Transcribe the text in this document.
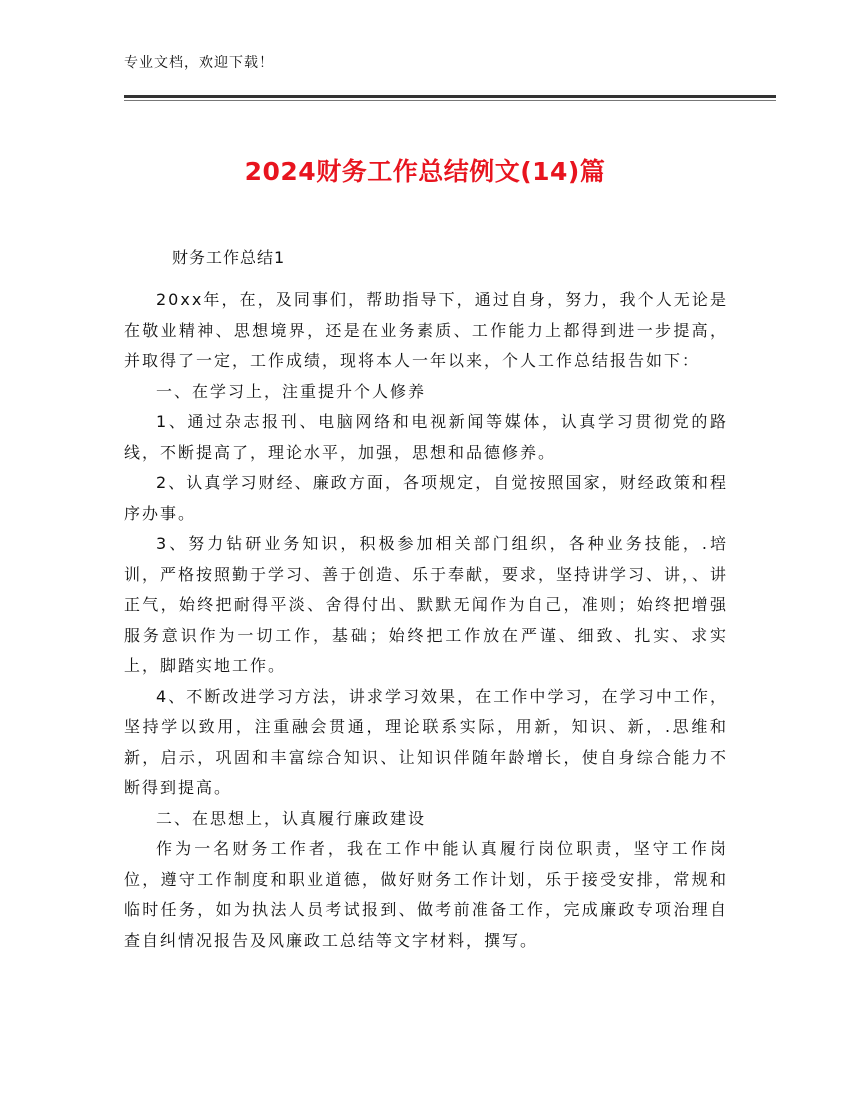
专业文档，欢迎下载！
2024财务工作总结例文(14)篇
财务工作总结1

20xx年，在，及同事们，帮助指导下，通过自身，努力，我个人无论是在敬业精神、思想境界，还是在业务素质、工作能力上都得到进一步提高，并取得了一定，工作成绩，现将本人一年以来，个人工作总结报告如下：

一、在学习上，注重提升个人修养

1、通过杂志报刊、电脑网络和电视新闻等媒体，认真学习贯彻党的路线，不断提高了，理论水平，加强，思想和品德修养。

2、认真学习财经、廉政方面，各项规定，自觉按照国家，财经政策和程序办事。

3、努力钻研业务知识，积极参加相关部门组织，各种业务技能，.培训，严格按照勤于学习、善于创造、乐于奉献，要求，坚持讲学习、讲，、讲正气，始终把耐得平淡、舍得付出、默默无闻作为自己，准则；始终把增强服务意识作为一切工作，基础；始终把工作放在严谨、细致、扎实、求实上，脚踏实地工作。

4、不断改进学习方法，讲求学习效果，在工作中学习，在学习中工作，坚持学以致用，注重融会贯通，理论联系实际，用新，知识、新，.思维和新，启示，巩固和丰富综合知识、让知识伴随年龄增长，使自身综合能力不断得到提高。

二、在思想上，认真履行廉政建设

作为一名财务工作者，我在工作中能认真履行岗位职责，坚守工作岗位，遵守工作制度和职业道德，做好财务工作计划，乐于接受安排，常规和临时任务，如为执法人员考试报到、做考前准备工作，完成廉政专项治理自查自纠情况报告及风廉政工总结等文字材料，撰写。
